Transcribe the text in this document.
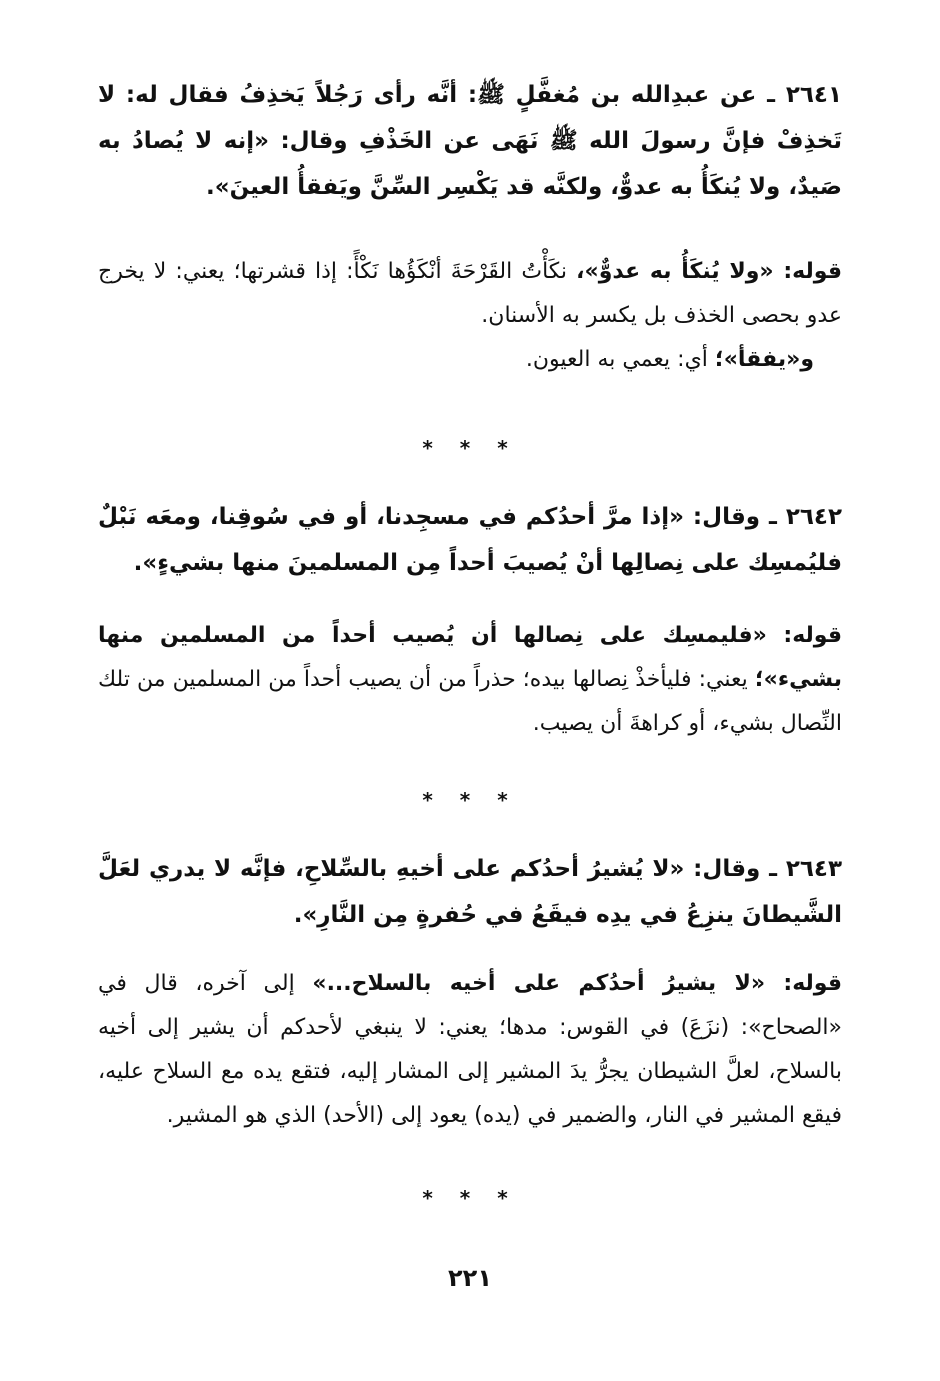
٢٦٤١ ـ عن عبدِالله بن مُغفَّلٍ ﷺ: أنَّه رأى رَجُلاً يَخذِفُ فقال له: لا تَخذِفْ فإنَّ رسولَ الله ﷺ نَهَى عن الخَذْفِ وقال: «إنه لا يُصادُ به صَيدٌ، ولا يُنكَأُ به عدوٌّ، ولكنَّه قد يَكْسِر السِّنَّ ويَفقأُ العينَ».

قوله: «ولا يُنكَأُ به عدوٌّ»، نكَأْتُ القَرْحَةَ أنْكَؤُها نَكْأً: إذا قشرتها؛ يعني: لا يخرج عدو بحصى الخذف بل يكسر به الأسنان.

و«يفقأ»؛ أي: يعمي به العيون.

* * *

٢٦٤٢ ـ وقال: «إذا مرَّ أحدُكم في مسجِدنا، أو في سُوقِنا، ومعَه نَبْلٌ فليُمسِك على نِصالِها أنْ يُصيبَ أحداً مِن المسلمينَ منها بشيءٍ».

قوله: «فليمسِك على نِصالها أن يُصيب أحداً من المسلمين منها بشيء»؛ يعني: فليأخذْ نِصالها بيده؛ حذراً من أن يصيب أحداً من المسلمين من تلك النِّصال بشيء، أو كراهةَ أن يصيب.

* * *

٢٦٤٣ ـ وقال: «لا يُشيرُ أحدُكم على أخيهِ بالسِّلاحِ، فإنَّه لا يدري لعَلَّ الشَّيطانَ ينزِعُ في يدِه فيقَعُ في حُفرةٍ مِن النَّارِ».

قوله: «لا يشيرُ أحدُكم على أخيه بالسلاح...» إلى آخره، قال في «الصحاح»: (نزَعَ) في القوس: مدها؛ يعني: لا ينبغي لأحدكم أن يشير إلى أخيه بالسلاح، لعلَّ الشيطان يجرُّ يدَ المشير إلى المشار إليه، فتقع يده مع السلاح عليه، فيقع المشير في النار، والضمير في (يده) يعود إلى (الأحد) الذي هو المشير.

* * *
٢٢١
